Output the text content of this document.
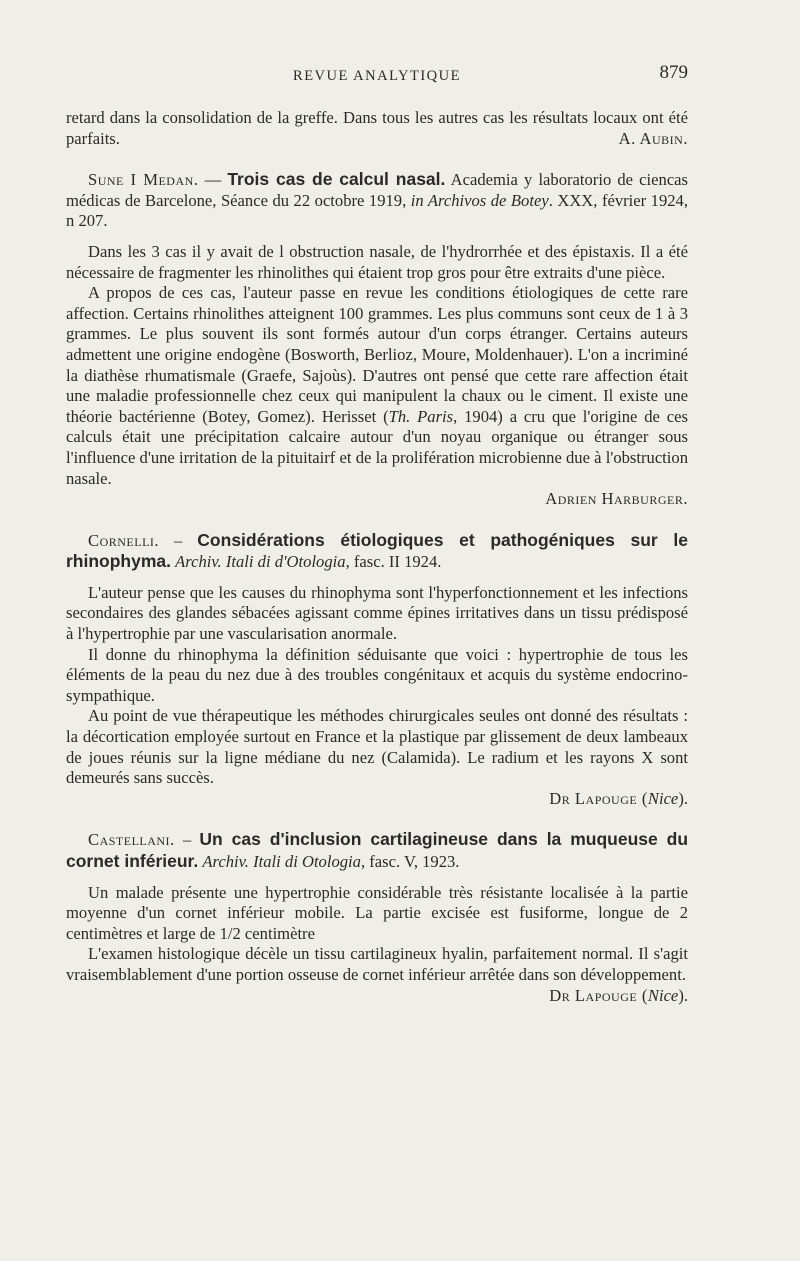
REVUE ANALYTIQUE	879

retard dans la consolidation de la greffe. Dans tous les autres cas les résultats locaux ont été parfaits.	A. Aubin.

Sune I Medan. — Trois cas de calcul nasal. Academia y laboratorio de ciencas médicas de Barcelone, Séance du 22 octobre 1919, in Archivos de Botey. XXX, février 1924, n 207.

Dans les 3 cas il y avait de l obstruction nasale, de l'hydrorrhée et des épistaxis. Il a été nécessaire de fragmenter les rhinolithes qui étaient trop gros pour être extraits d'une pièce.

A propos de ces cas, l'auteur passe en revue les conditions étiologiques de cette rare affection. Certains rhinolithes atteignent 100 grammes. Les plus communs sont ceux de 1 à 3 grammes. Le plus souvent ils sont formés autour d'un corps étranger. Certains auteurs admettent une origine endogène (Bosworth, Berlioz, Moure, Moldenhauer). L'on a incriminé la diathèse rhumatismale (Graefe, Sajoùs). D'autres ont pensé que cette rare affection était une maladie professionnelle chez ceux qui manipulent la chaux ou le ciment. Il existe une théorie bactérienne (Botey, Gomez). Herisset (Th. Paris, 1904) a cru que l'origine de ces calculs était une précipitation calcaire autour d'un noyau organique ou étranger sous l'influence d'une irritation de la pituitairf et de la prolifération microbienne due à l'obstruction nasale.

Adrien Harburger.

Cornelli. – Considérations étiologiques et pathogéniques sur le rhinophyma. Archiv. Itali di d'Otologia, fasc. II 1924.

L'auteur pense que les causes du rhinophyma sont l'hyperfonctionnement et les infections secondaires des glandes sébacées agissant comme épines irritatives dans un tissu prédisposé à l'hypertrophie par une vascularisation anormale.

Il donne du rhinophyma la définition séduisante que voici : hypertrophie de tous les éléments de la peau du nez due à des troubles congénitaux et acquis du système endocrino-sympathique.

Au point de vue thérapeutique les méthodes chirurgicales seules ont donné des résultats : la décortication employée surtout en France et la plastique par glissement de deux lambeaux de joues réunis sur la ligne médiane du nez (Calamida). Le radium et les rayons X sont demeurés sans succès.

Dr Lapouge (Nice).

Castellani. – Un cas d'inclusion cartilagineuse dans la muqueuse du cornet inférieur. Archiv. Itali di Otologia, fasc. V, 1923.

Un malade présente une hypertrophie considérable très résistante localisée à la partie moyenne d'un cornet inférieur mobile. La partie excisée est fusiforme, longue de 2 centimètres et large de 1/2 centimètre

L'examen histologique décèle un tissu cartilagineux hyalin, parfaitement normal. Il s'agit vraisemblablement d'une portion osseuse de cornet inférieur arrêtée dans son développement.

Dr Lapouge (Nice).
